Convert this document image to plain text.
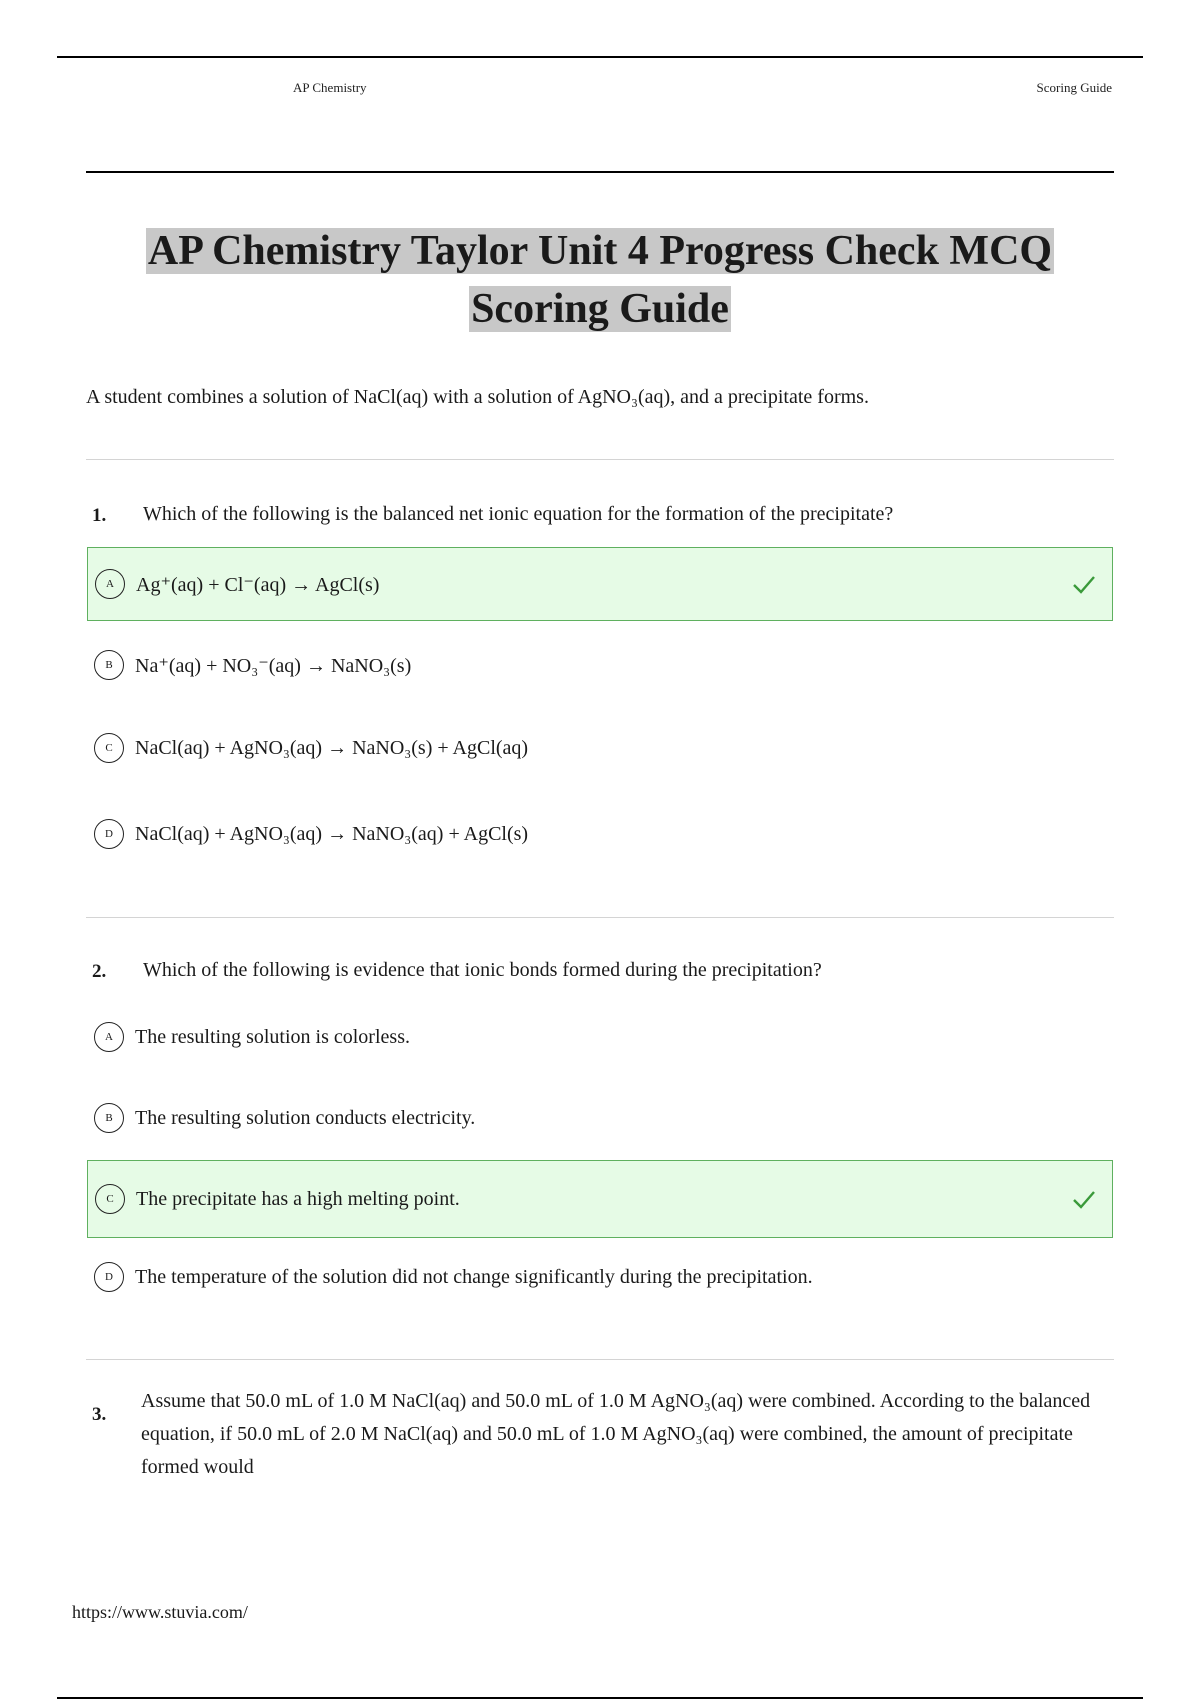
AP Chemistry	Scoring Guide
AP Chemistry Taylor Unit 4 Progress Check MCQ
Scoring Guide
A student combines a solution of NaCl(aq) with a solution of AgNO₃(aq), and a precipitate forms.
1. Which of the following is the balanced net ionic equation for the formation of the precipitate?
A	Ag⁺(aq) + Cl⁻(aq) → AgCl(s)
B	Na⁺(aq) + NO₃⁻(aq) → NaNO₃(s)
C	NaCl(aq) + AgNO₃(aq) → NaNO₃(s) + AgCl(aq)
D	NaCl(aq) + AgNO₃(aq) → NaNO₃(aq) + AgCl(s)
2. Which of the following is evidence that ionic bonds formed during the precipitation?
A	The resulting solution is colorless.
B	The resulting solution conducts electricity.
C	The precipitate has a high melting point.
D	The temperature of the solution did not change significantly during the precipitation.
3.
Assume that 50.0 mL of 1.0 M NaCl(aq) and 50.0 mL of 1.0 M AgNO₃(aq) were combined. According to the balanced equation, if 50.0 mL of 2.0 M NaCl(aq) and 50.0 mL of 1.0 M AgNO₃(aq) were combined, the amount of precipitate formed would
https://www.stuvia.com/
